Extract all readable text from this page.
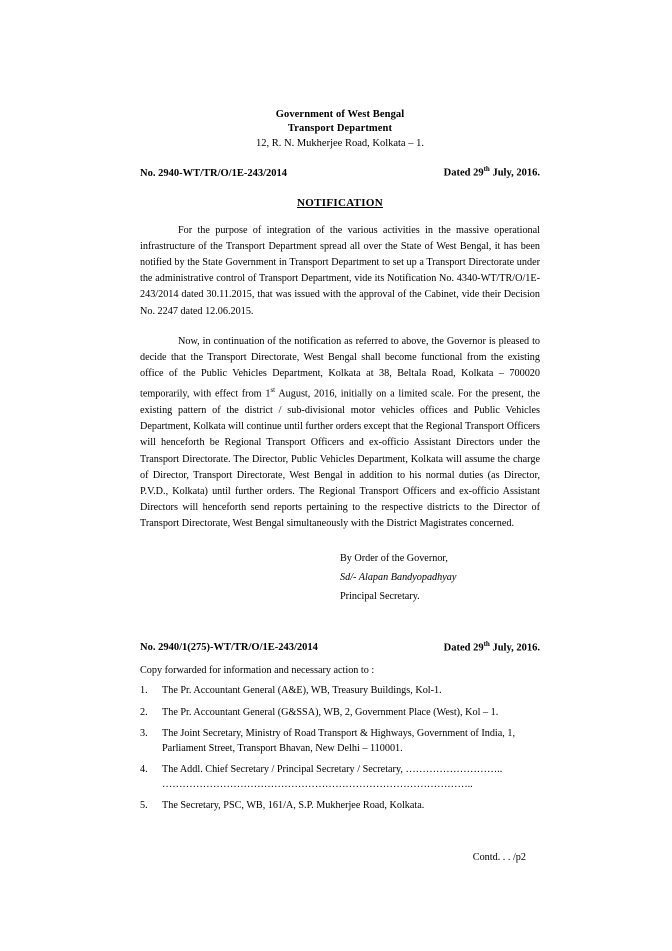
Government of West Bengal
Transport Department
12, R. N. Mukherjee Road, Kolkata – 1.
No. 2940-WT/TR/O/1E-243/2014	Dated 29th July, 2016.
NOTIFICATION

For the purpose of integration of the various activities in the massive operational infrastructure of the Transport Department spread all over the State of West Bengal, it has been notified by the State Government in Transport Department to set up a Transport Directorate under the administrative control of Transport Department, vide its Notification No. 4340-WT/TR/O/1E-243/2014 dated 30.11.2015, that was issued with the approval of the Cabinet, vide their Decision No. 2247 dated 12.06.2015.

Now, in continuation of the notification as referred to above, the Governor is pleased to decide that the Transport Directorate, West Bengal shall become functional from the existing office of the Public Vehicles Department, Kolkata at 38, Beltala Road, Kolkata – 700020 temporarily, with effect from 1st August, 2016, initially on a limited scale. For the present, the existing pattern of the district / sub-divisional motor vehicles offices and Public Vehicles Department, Kolkata will continue until further orders except that the Regional Transport Officers will henceforth be Regional Transport Officers and ex-officio Assistant Directors under the Transport Directorate. The Director, Public Vehicles Department, Kolkata will assume the charge of Director, Transport Directorate, West Bengal in addition to his normal duties (as Director, P.V.D., Kolkata) until further orders. The Regional Transport Officers and ex-officio Assistant Directors will henceforth send reports pertaining to the respective districts to the Director of Transport Directorate, West Bengal simultaneously with the District Magistrates concerned.

By Order of the Governor,
Sd/- Alapan Bandyopadhyay
Principal Secretary.
No. 2940/1(275)-WT/TR/O/1E-243/2014	Dated 29th July, 2016.
Copy forwarded for information and necessary action to :
1.	The Pr. Accountant General (A&E), WB, Treasury Buildings, Kol-1.
2.	The Pr. Accountant General (G&SSA), WB, 2, Government Place (West), Kol – 1.
3.	The Joint Secretary, Ministry of Road Transport & Highways, Government of India, 1, Parliament Street, Transport Bhavan, New Delhi – 110001.
4.	The Addl. Chief Secretary / Principal Secretary / Secretary, ……………………….. ………………………………………………………………………………..
5.	The Secretary, PSC, WB, 161/A, S.P. Mukherjee Road, Kolkata.
Contd. . . /p2
